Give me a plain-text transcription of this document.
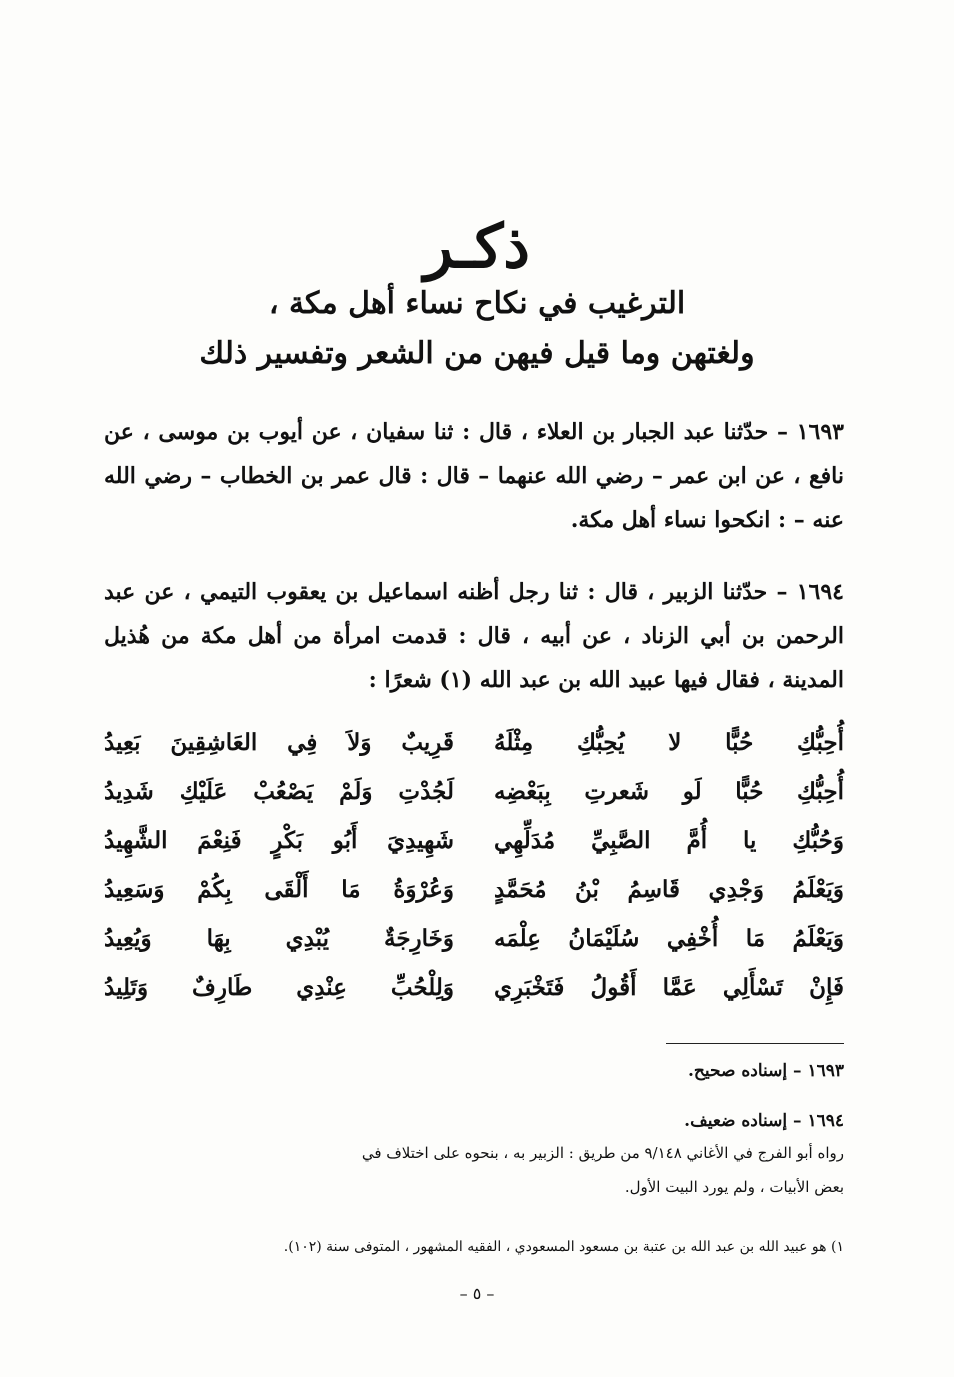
ذكـر
الترغيب في نكاح نساء أهل مكة ،
ولغتهن وما قيل فيهن من الشعر وتفسير ذلك
١٦٩٣ – حدّثنا عبد الجبار بن العلاء ، قال : ثنا سفيان ، عن أيوب بن موسى ، عن نافع ، عن ابن عمر – رضي الله عنهما – قال : قال عمر بن الخطاب – رضي الله عنه – : انكحوا نساء أهل مكة.
١٦٩٤ – حدّثنا الزبير ، قال : ثنا رجل أظنه اسماعيل بن يعقوب التيمي ، عن عبد الرحمن بن أبي الزناد ، عن أبيه ، قال : قدمت امرأة من أهل مكة من هُذيل المدينة ، فقال فيها عبيد الله بن عبد الله (١) شعرًا :
أُحِبُّكِ حُبًّا لا يُحِبُّكِ مِثْلَهُ
قَرِيبٌ وَلاَ فِي العَاشِقِينَ بَعِيدُ
أُحِبُّكِ حُبًّا لَو شَعرتِ بِبَعْضِه
لَجُدْتِ وَلَمْ يَصْعُبْ عَلَيْكِ شَدِيدُ
وَحُبُّكِ يا أُمَّ الصَّبِيِّ مُدَلِّهِي
شَهِيدِيَ أَبُو بَكْرٍ فَنِعْمَ الشَّهِيدُ
وَيَعْلَمُ وَجْدِي قَاسِمُ بْنُ مُحَمَّدٍ
وَعُرْوَةُ مَا أَلْقَى بِكُمْ وَسَعِيدُ
وَيَعْلَمُ مَا أُخْفِي سُلَيْمَانُ عِلْمَه
وَخَارِجَةٌ يُبْدِي بِهَا وَيُعِيدُ
فَإِنْ تَسْأَلِي عَمَّا أَقُولُ فَتَخْبَرِي
وَلِلْحُبِّ عِنْدِي طَارِفٌ وَتَلِيدُ
١٦٩٣ – إسناده صحيح.
١٦٩٤ – إسناده ضعيف.
رواه أبو الفرج في الأغاني ٩/١٤٨ من طريق : الزبير به ، بنحوه على اختلاف في
بعض الأبيات ، ولم يورد البيت الأول.
١) هو عبيد الله بن عبد الله بن عتبة بن مسعود المسعودي ، الفقيه المشهور ، المتوفى سنة (١٠٢).
– ٥ –
